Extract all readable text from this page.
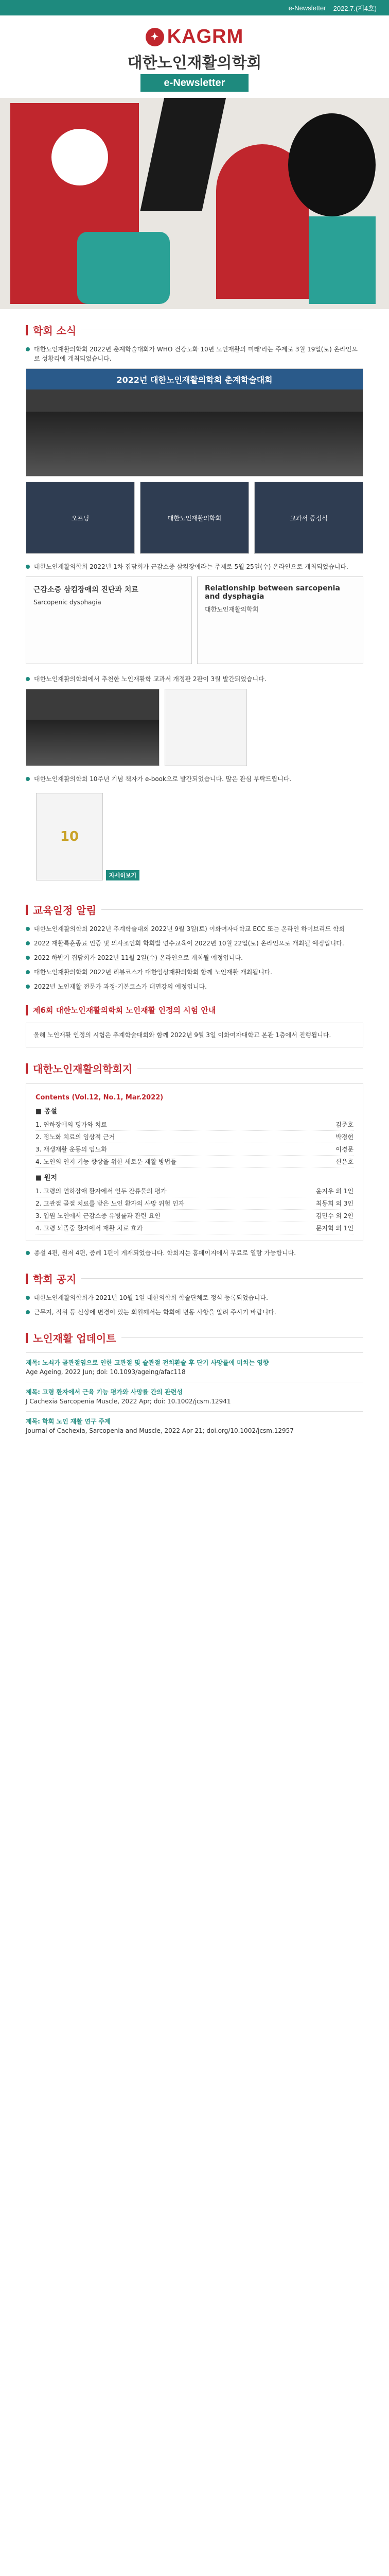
e-Newsletter 2022.7.(제4호)
✦ KAGRM
대한노인재활의학회
e-Newsletter
학회 소식
대한노인재활의학회 2022년 춘계학술대회가 WHO 건강노화 10년 노인재활의 미래'라는 주제로 3월 19일(토) 온라인으로 성황리에 개최되었습니다.
2022년 대한노인재활의학회 춘계학술대회
오프닝	대한노인재활의학회	교과서 증정식
대한노인재활의학회 2022년 1차 집담회가 근감소증 삼킴장애라는 주제로 5월 25일(수) 온라인으로 개최되었습니다.
근감소증 삼킴장애의 진단과 치료
Sarcopenic dysphagia
Relationship between sarcopenia and dysphagia
대한노인재활의학회
대한노인재활의학회에서 추천한 노인재활학 교과서 개정판 2판이 3월 발간되었습니다.
대한노인재활의학회 10주년 기념 책자가 e-book으로 발간되었습니다. 많은 관심 부탁드립니다.
10
자세히보기
교육일정 알림
대한노인재활의학회 2022년 추계학술대회 2022년 9월 3일(토) 이화여자대학교 ECC 또는 온라인 하이브리드 학회
2022 재활특훈종료 인증 및 의사조인회 학회발 연수교육이 2022년 10월 22일(토) 온라인으로 개최될 예정입니다.
2022 하반기 집담회가 2022년 11월 2일(수) 온라인으로 개최될 예정입니다.
대한노인재활의학회 2022년 리뷰코스가 대한임상재활의학회 함께 노인재활 개최됩니다.
2022년 노인재활 전문가 과정-기본코스가 대면강의 예정입니다.
제6회 대한노인재활의학회 노인재활 인정의 시험 안내
올해 노인재활 인정의 시험은 추계학술대회와 함께 2022년 9월 3일 이화여자대학교 본관 1층에서 진행됩니다.
대한노인재활의학회지
Contents (Vol.12, No.1, Mar.2022)
■ 종설
1. 연하장애의 평가와 치료	김준호
2. 정노화 치료의 임상적 근거	박경현
3. 재생재활 운동의 임노화	이경문
4. 노인의 인지 기능 향상을 위한 새로운 재활 방법들	신은호
■ 원저
1. 고령의 연하장애 환자에서 인두 잔류물의 평가	윤지우 외 1인
2. 고관절 골절 치료를 받은 노인 환자의 사망 위험 인자	최동희 외 3인
3. 입원 노인에서 근감소증 유병률과 관련 요인	김민수 외 2인
4. 고령 뇌졸중 환자에서 재활 치료 효과	문지혁 외 1인
종설 4편, 원저 4편, 증례 1편이 게재되었습니다. 학회지는 홈페이지에서 무료로 열람 가능합니다.
학회 공지
대한노인재활의학회가 2021년 10월 1일 대한의학회 학술단체로 정식 등록되었습니다.
근무지, 직위 등 신상에 변경이 있는 회원께서는 학회에 변동 사항을 알려 주시기 바랍니다.
노인재활 업데이트
제목: 노쇠가 골관절염으로 인한 고관절 및 슬관절 전치환술 후 단기 사망률에 미치는 영향
Age Ageing, 2022 Jun; doi: 10.1093/ageing/afac118
제목: 고령 환자에서 근육 기능 평가와 사망률 간의 관련성
J Cachexia Sarcopenia Muscle, 2022 Apr; doi: 10.1002/jcsm.12941
제목: 학회 노인 재활 연구 주제
Journal of Cachexia, Sarcopenia and Muscle, 2022 Apr 21; doi.org/10.1002/jcsm.12957
